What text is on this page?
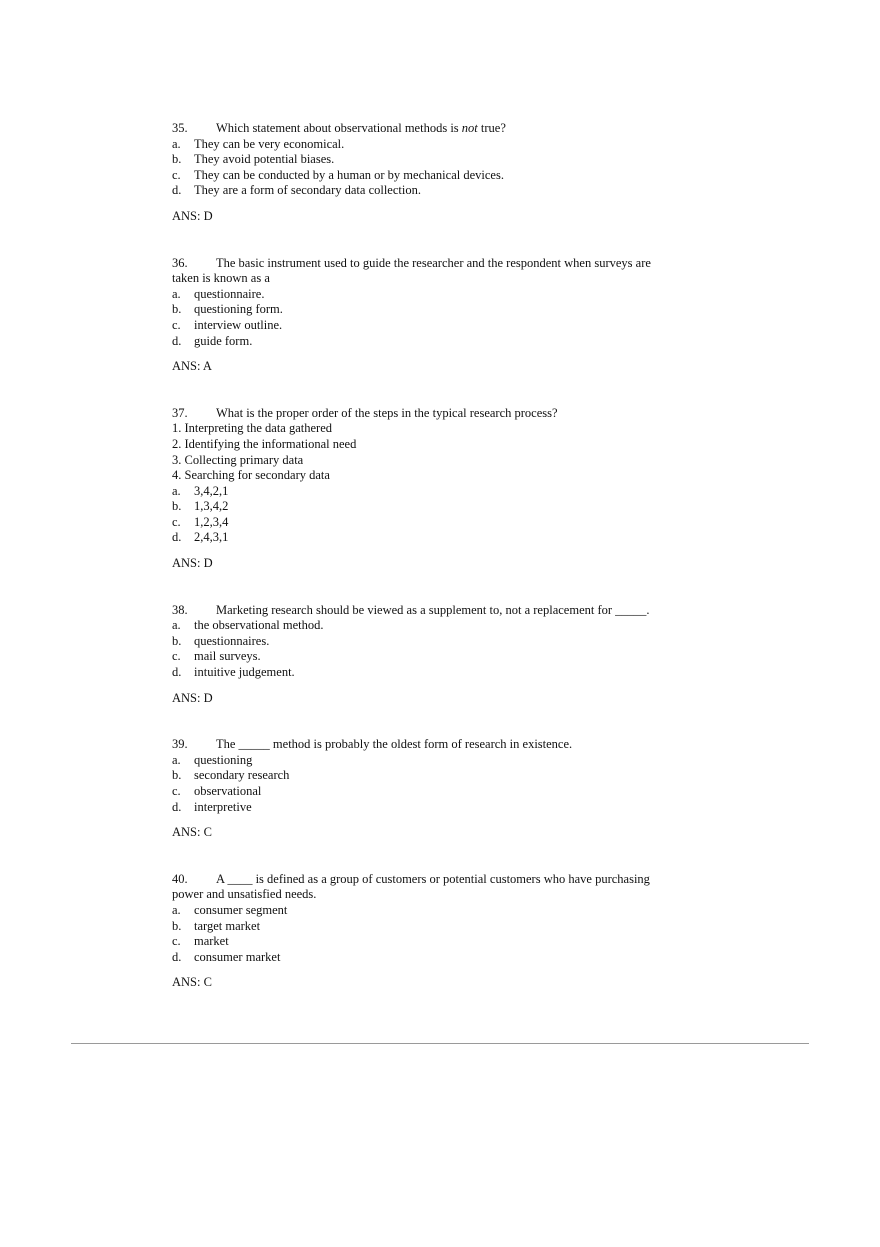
35. Which statement about observational methods is not true?
a. They can be very economical.
b. They avoid potential biases.
c. They can be conducted by a human or by mechanical devices.
d. They are a form of secondary data collection.
ANS: D
36. The basic instrument used to guide the researcher and the respondent when surveys are
taken is known as a
a. questionnaire.
b. questioning form.
c. interview outline.
d. guide form.
ANS: A
37. What is the proper order of the steps in the typical research process?
1. Interpreting the data gathered
2. Identifying the informational need
3. Collecting primary data
4. Searching for secondary data
a. 3,4,2,1
b. 1,3,4,2
c. 1,2,3,4
d. 2,4,3,1
ANS: D
38. Marketing research should be viewed as a supplement to, not a replacement for _____.
a. the observational method.
b. questionnaires.
c. mail surveys.
d. intuitive judgement.
ANS: D
39. The _____ method is probably the oldest form of research in existence.
a. questioning
b. secondary research
c. observational
d. interpretive
ANS: C
40. A ____ is defined as a group of customers or potential customers who have purchasing
power and unsatisfied needs.
a. consumer segment
b. target market
c. market
d. consumer market
ANS: C
